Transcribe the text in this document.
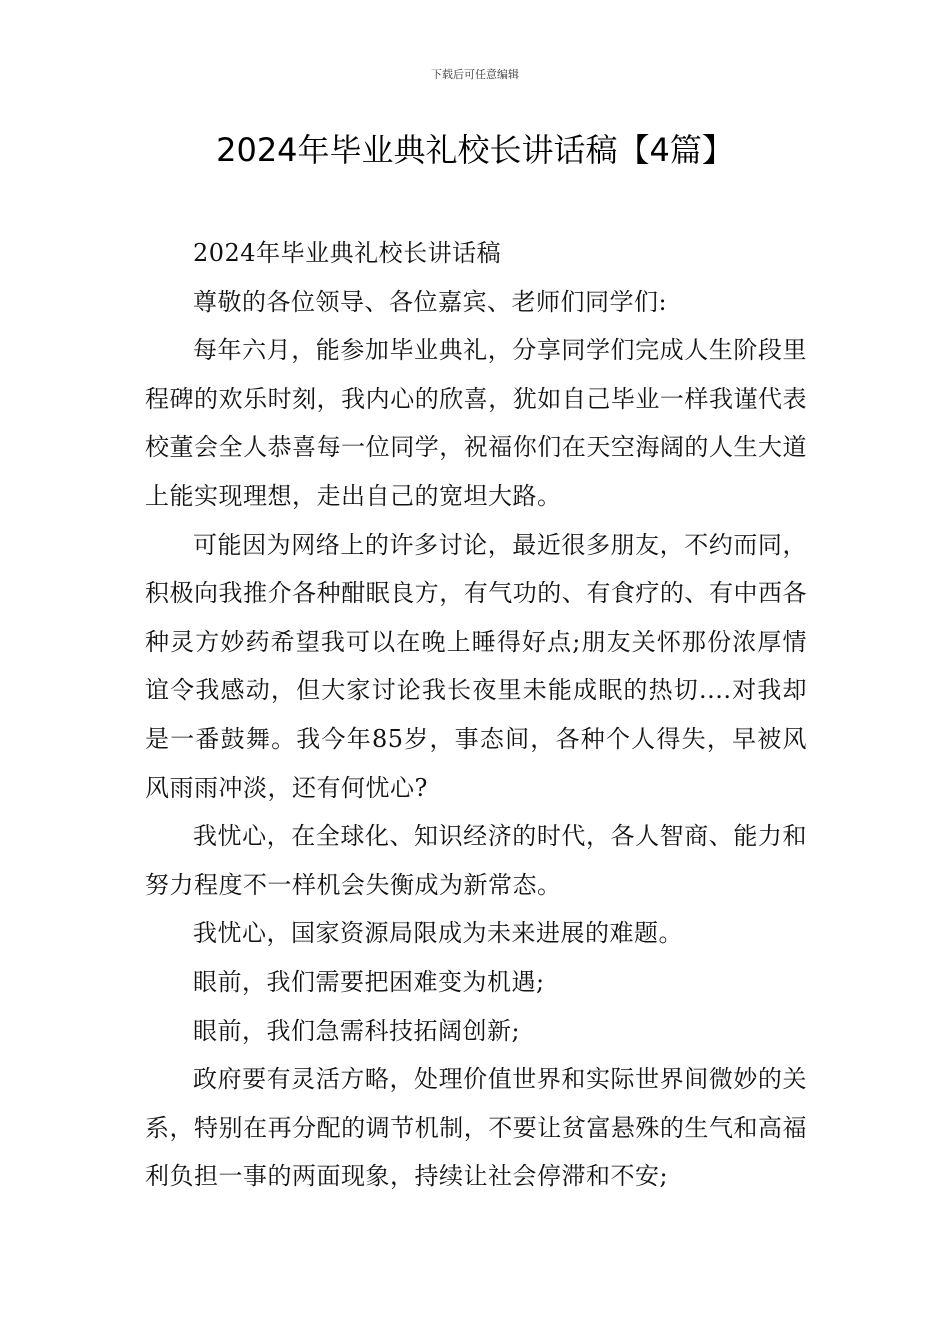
下载后可任意编辑
2024年毕业典礼校长讲话稿【4篇】

2024年毕业典礼校长讲话稿

尊敬的各位领导、各位嘉宾、老师们同学们:

每年六月，能参加毕业典礼，分享同学们完成人生阶段里程碑的欢乐时刻，我内心的欣喜，犹如自己毕业一样我谨代表校董会全人恭喜每一位同学，祝福你们在天空海阔的人生大道上能实现理想，走出自己的宽坦大路。

可能因为网络上的许多讨论，最近很多朋友，不约而同，积极向我推介各种酣眠良方，有气功的、有食疗的、有中西各种灵方妙药希望我可以在晚上睡得好点;朋友关怀那份浓厚情谊令我感动，但大家讨论我长夜里未能成眠的热切....对我却是一番鼓舞。我今年85岁，事态间，各种个人得失，早被风风雨雨冲淡，还有何忧心?

我忧心，在全球化、知识经济的时代，各人智商、能力和努力程度不一样机会失衡成为新常态。

我忧心，国家资源局限成为未来进展的难题。

眼前，我们需要把困难变为机遇;

眼前，我们急需科技拓阔创新;

政府要有灵活方略，处理价值世界和实际世界间微妙的关系，特别在再分配的调节机制，不要让贫富悬殊的生气和高福利负担一事的两面现象，持续让社会停滞和不安;
